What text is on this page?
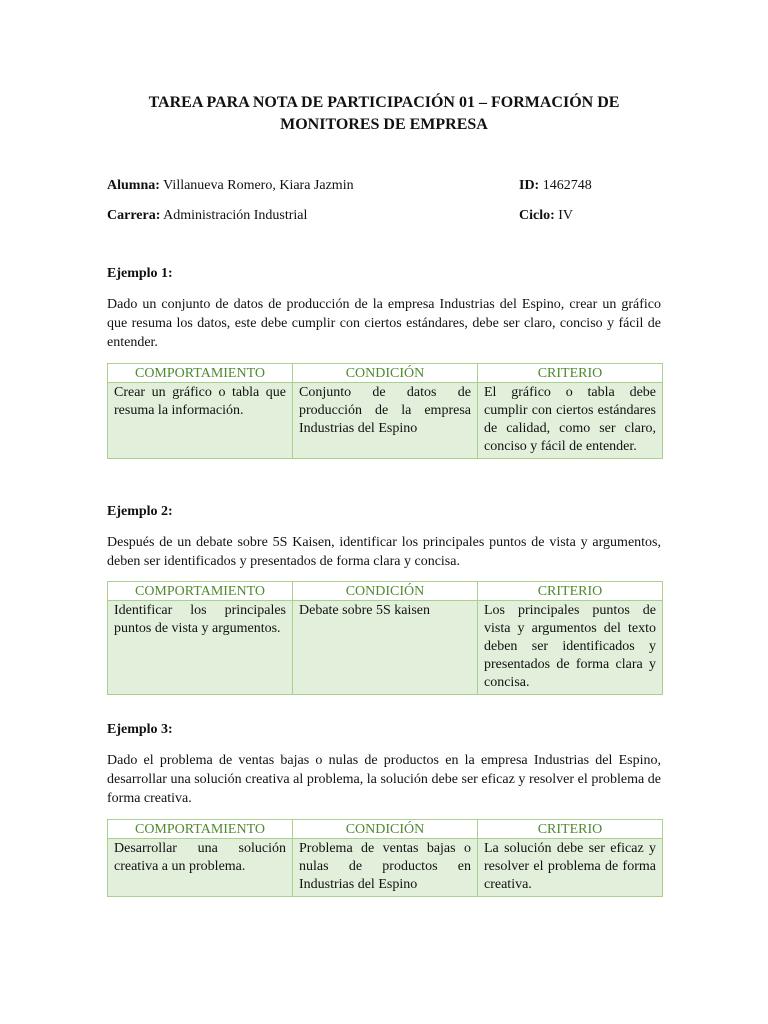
TAREA PARA NOTA DE PARTICIPACIÓN 01 – FORMACIÓN DE MONITORES DE EMPRESA
Alumna: Villanueva Romero, Kiara Jazmin	ID: 1462748
Carrera: Administración Industrial	Ciclo: IV
Ejemplo 1:
Dado un conjunto de datos de producción de la empresa Industrias del Espino, crear un gráfico que resuma los datos, este debe cumplir con ciertos estándares, debe ser claro, conciso y fácil de entender.
COMPORTAMIENTO	CONDICIÓN	CRITERIO
Crear un gráfico o tabla que resuma la información.	Conjunto de datos de producción de la empresa Industrias del Espino	El gráfico o tabla debe cumplir con ciertos estándares de calidad, como ser claro, conciso y fácil de entender.
Ejemplo 2:
Después de un debate sobre 5S Kaisen, identificar los principales puntos de vista y argumentos, deben ser identificados y presentados de forma clara y concisa.
COMPORTAMIENTO	CONDICIÓN	CRITERIO
Identificar los principales puntos de vista y argumentos.	Debate sobre 5S kaisen	Los principales puntos de vista y argumentos del texto deben ser identificados y presentados de forma clara y concisa.
Ejemplo 3:
Dado el problema de ventas bajas o nulas de productos en la empresa Industrias del Espino, desarrollar una solución creativa al problema, la solución debe ser eficaz y resolver el problema de forma creativa.
COMPORTAMIENTO	CONDICIÓN	CRITERIO
Desarrollar una solución creativa a un problema.	Problema de ventas bajas o nulas de productos en Industrias del Espino	La solución debe ser eficaz y resolver el problema de forma creativa.
